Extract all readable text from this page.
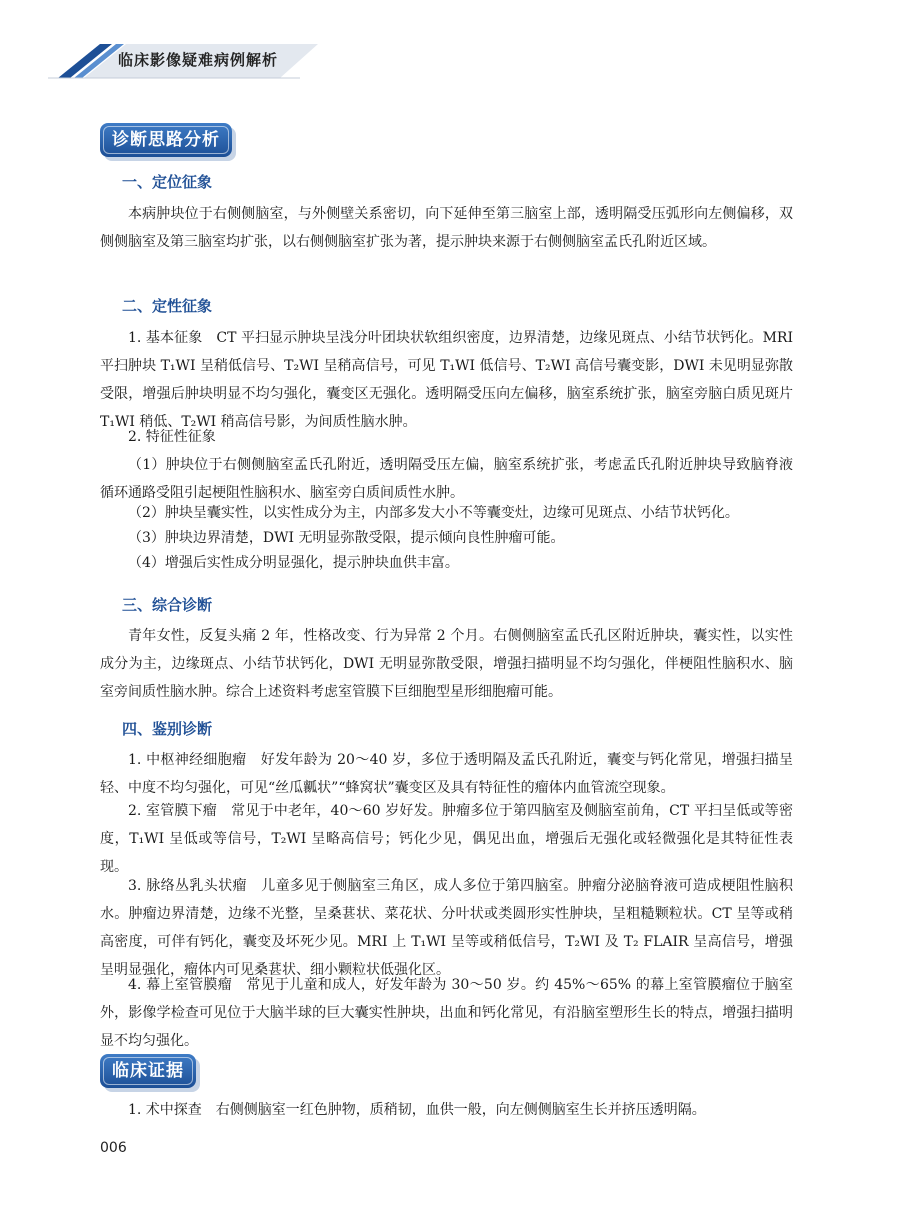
临床影像疑难病例解析
诊断思路分析
一、定位征象

本病肿块位于右侧侧脑室，与外侧壁关系密切，向下延伸至第三脑室上部，透明隔受压弧形向左侧偏移，双侧侧脑室及第三脑室均扩张，以右侧侧脑室扩张为著，提示肿块来源于右侧侧脑室孟氏孔附近区域。

二、定性征象

1. 基本征象　CT 平扫显示肿块呈浅分叶团块状软组织密度，边界清楚，边缘见斑点、小结节状钙化。MRI 平扫肿块 T₁WI 呈稍低信号、T₂WI 呈稍高信号，可见 T₁WI 低信号、T₂WI 高信号囊变影，DWI 未见明显弥散受限，增强后肿块明显不均匀强化，囊变区无强化。透明隔受压向左偏移，脑室系统扩张，脑室旁脑白质见斑片 T₁WI 稍低、T₂WI 稍高信号影，为间质性脑水肿。

2. 特征性征象

（1）肿块位于右侧侧脑室孟氏孔附近，透明隔受压左偏，脑室系统扩张，考虑孟氏孔附近肿块导致脑脊液循环通路受阻引起梗阻性脑积水、脑室旁白质间质性水肿。

（2）肿块呈囊实性，以实性成分为主，内部多发大小不等囊变灶，边缘可见斑点、小结节状钙化。

（3）肿块边界清楚，DWI 无明显弥散受限，提示倾向良性肿瘤可能。

（4）增强后实性成分明显强化，提示肿块血供丰富。

三、综合诊断

青年女性，反复头痛 2 年，性格改变、行为异常 2 个月。右侧侧脑室孟氏孔区附近肿块，囊实性，以实性成分为主，边缘斑点、小结节状钙化，DWI 无明显弥散受限，增强扫描明显不均匀强化，伴梗阻性脑积水、脑室旁间质性脑水肿。综合上述资料考虑室管膜下巨细胞型星形细胞瘤可能。

四、鉴别诊断

1. 中枢神经细胞瘤　好发年龄为 20～40 岁，多位于透明隔及孟氏孔附近，囊变与钙化常见，增强扫描呈轻、中度不均匀强化，可见“丝瓜瓤状”“蜂窝状”囊变区及具有特征性的瘤体内血管流空现象。

2. 室管膜下瘤　常见于中老年，40～60 岁好发。肿瘤多位于第四脑室及侧脑室前角，CT 平扫呈低或等密度，T₁WI 呈低或等信号，T₂WI 呈略高信号；钙化少见，偶见出血，增强后无强化或轻微强化是其特征性表现。

3. 脉络丛乳头状瘤　儿童多见于侧脑室三角区，成人多位于第四脑室。肿瘤分泌脑脊液可造成梗阻性脑积水。肿瘤边界清楚，边缘不光整，呈桑葚状、菜花状、分叶状或类圆形实性肿块，呈粗糙颗粒状。CT 呈等或稍高密度，可伴有钙化，囊变及坏死少见。MRI 上 T₁WI 呈等或稍低信号，T₂WI 及 T₂ FLAIR 呈高信号，增强呈明显强化，瘤体内可见桑葚状、细小颗粒状低强化区。

4. 幕上室管膜瘤　常见于儿童和成人，好发年龄为 30～50 岁。约 45%～65% 的幕上室管膜瘤位于脑室外，影像学检查可见位于大脑半球的巨大囊实性肿块，出血和钙化常见，有沿脑室塑形生长的特点，增强扫描明显不均匀强化。

临床证据

1. 术中探查　右侧侧脑室一红色肿物，质稍韧，血供一般，向左侧侧脑室生长并挤压透明隔。

006
